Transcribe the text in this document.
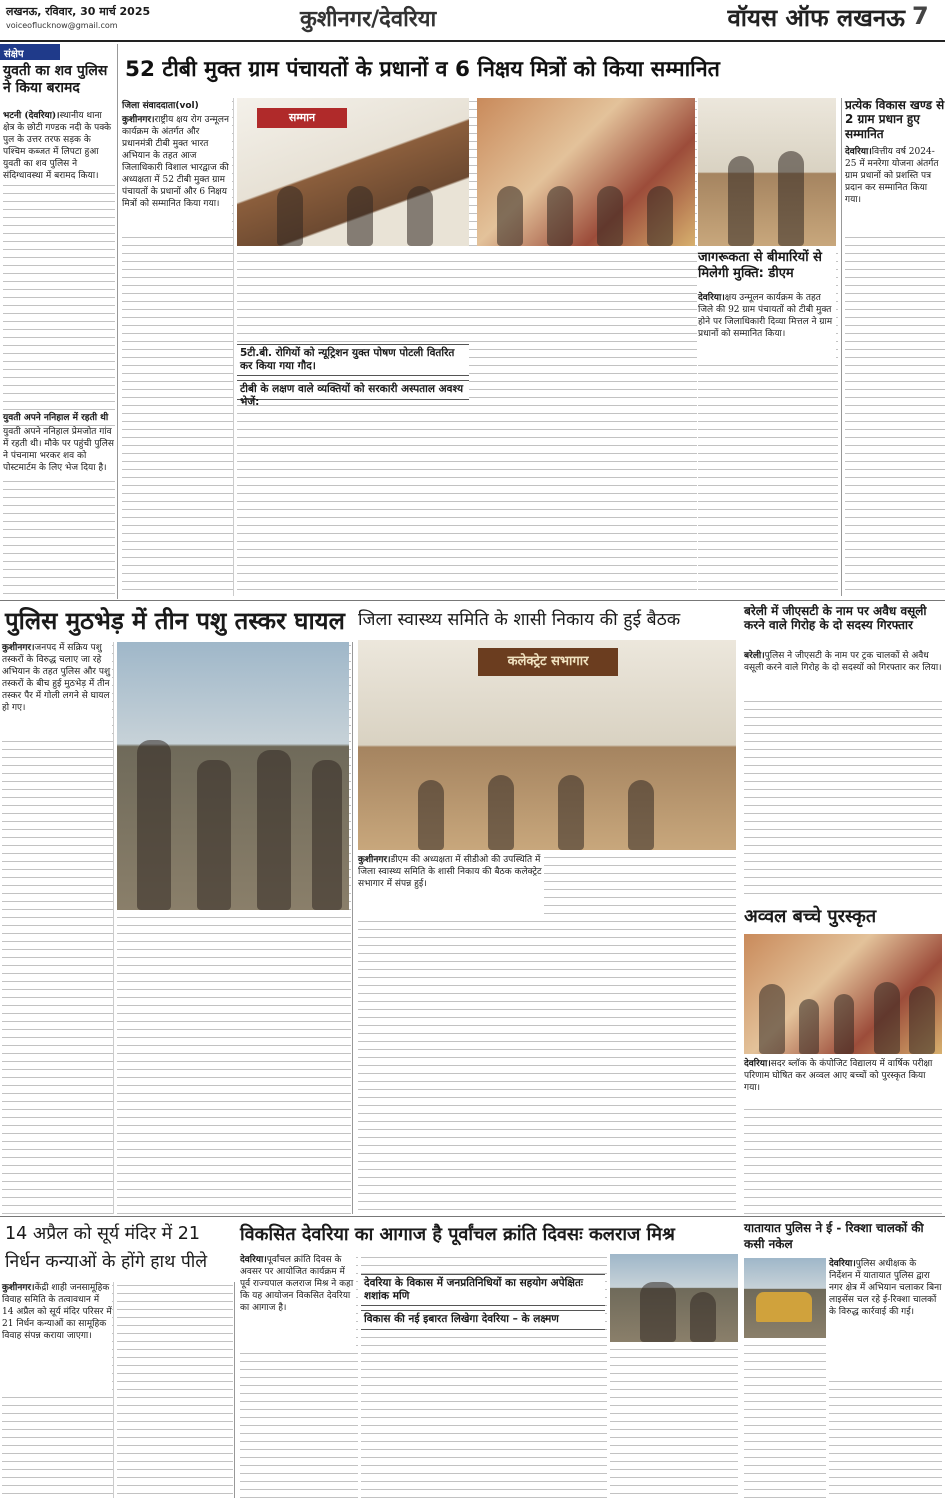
लखनऊ, रविवार, 30 मार्च 2025
voiceoflucknow@gmail.com	कुशीनगर/देवरिया	वॉयस ऑफ लखनऊ 7
संक्षेप
युवती का शव पुलिस ने किया बरामद
भटनी (देवरिया)।स्थानीय थाना क्षेत्र के छोटी गण्डक नदी के पक्के पुल के उत्तर तरफ सड़क के पश्चिम कब्जत में लिपटा हुआ युवती का शव पुलिस ने संदिग्धावस्था में बरामद किया।
युवती अपने ननिहाल में रहती थी
युवती अपने ननिहाल प्रेमजोत गांव में रहती थी। मौके पर पहुंची पुलिस ने पंचनामा भरकर शव को पोस्टमार्टम के लिए भेज दिया है।
52 टीबी मुक्त ग्राम पंचायतों के प्रधानों व 6 निक्षय मित्रों को किया सम्मानित
जिला संवाददाता(vol)
कुशीनगर।राष्ट्रीय क्षय रोग उन्मूलन कार्यक्रम के अंतर्गत और प्रधानमंत्री टीबी मुक्त भारत अभियान के तहत आज जिलाधिकारी विशाल भारद्वाज की अध्यक्षता में 52 टीबी मुक्त ग्राम पंचायतों के प्रधानों और 6 निक्षय मित्रों को सम्मानित किया गया।
सम्मान
5टी.बी. रोगियों को न्यूट्रिशन युक्त पोषण पोटली वितरित कर किया गया गौद।
टीबी के लक्षण वाले व्यक्तियों को सरकारी अस्पताल अवश्य भेजें:
जागरूकता से बीमारियों से मिलेगी मुक्ति: डीएम
देवरिया।क्षय उन्मूलन कार्यक्रम के तहत जिले की 92 ग्राम पंचायतों को टीबी मुक्त होने पर जिलाधिकारी दिव्या मित्तल ने ग्राम प्रधानों को सम्मानित किया।
प्रत्येक विकास खण्ड से 2 ग्राम प्रधान हुए सम्मानित
देवरिया।वित्तीय वर्ष 2024-25 में मनरेगा योजना अंतर्गत ग्राम प्रधानों को प्रशस्ति पत्र प्रदान कर सम्मानित किया गया।
पुलिस मुठभेड़ में तीन पशु तस्कर घायल
कुशीनगर।जनपद में सक्रिय पशु तस्करों के विरुद्ध चलाए जा रहे अभियान के तहत पुलिस और पशु तस्करों के बीच हुई मुठभेड़ में तीन तस्कर पैर में गोली लगने से घायल हो गए।
जिला स्वास्थ्य समिति के शासी निकाय की हुई बैठक
कलेक्ट्रेट सभागार
कुशीनगर।डीएम की अध्यक्षता में सीडीओ की उपस्थिति में जिला स्वास्थ्य समिति के शासी निकाय की बैठक कलेक्ट्रेट सभागार में संपन्न हुई।
बरेली में जीएसटी के नाम पर अवैध वसूली करने वाले गिरोह के दो सदस्य गिरफ्तार
बरेली।पुलिस ने जीएसटी के नाम पर ट्रक चालकों से अवैध वसूली करने वाले गिरोह के दो सदस्यों को गिरफ्तार कर लिया।
अव्वल बच्चे पुरस्कृत
देवरिया।सदर ब्लॉक के कंपोजिट विद्यालय में वार्षिक परीक्षा परिणाम घोषित कर अव्वल आए बच्चों को पुरस्कृत किया गया।
14 अप्रैल को सूर्य मंदिर में 21 निर्धन कन्याओं के होंगे हाथ पीले
कुशीनगर।केंद्री शाही जनसामूहिक विवाह समिति के तत्वावधान में 14 अप्रैल को सूर्य मंदिर परिसर में 21 निर्धन कन्याओं का सामूहिक विवाह संपन्न कराया जाएगा।
विकसित देवरिया का आगाज है पूर्वांचल क्रांति दिवसः कलराज मिश्र
देवरिया।पूर्वांचल क्रांति दिवस के अवसर पर आयोजित कार्यक्रम में पूर्व राज्यपाल कलराज मिश्र ने कहा कि यह आयोजन विकसित देवरिया का आगाज है।
देवरिया के विकास में जनप्रतिनिधियों का सहयोग अपेक्षितः शशांक मणि
विकास की नई इबारत लिखेगा देवरिया – के लक्ष्मण
यातायात पुलिस ने ई - रिक्शा चालकों की कसी नकेल
देवरिया।पुलिस अधीक्षक के निर्देशन में यातायात पुलिस द्वारा नगर क्षेत्र में अभियान चलाकर बिना लाइसेंस चल रहे ई-रिक्शा चालकों के विरुद्ध कार्रवाई की गई।
